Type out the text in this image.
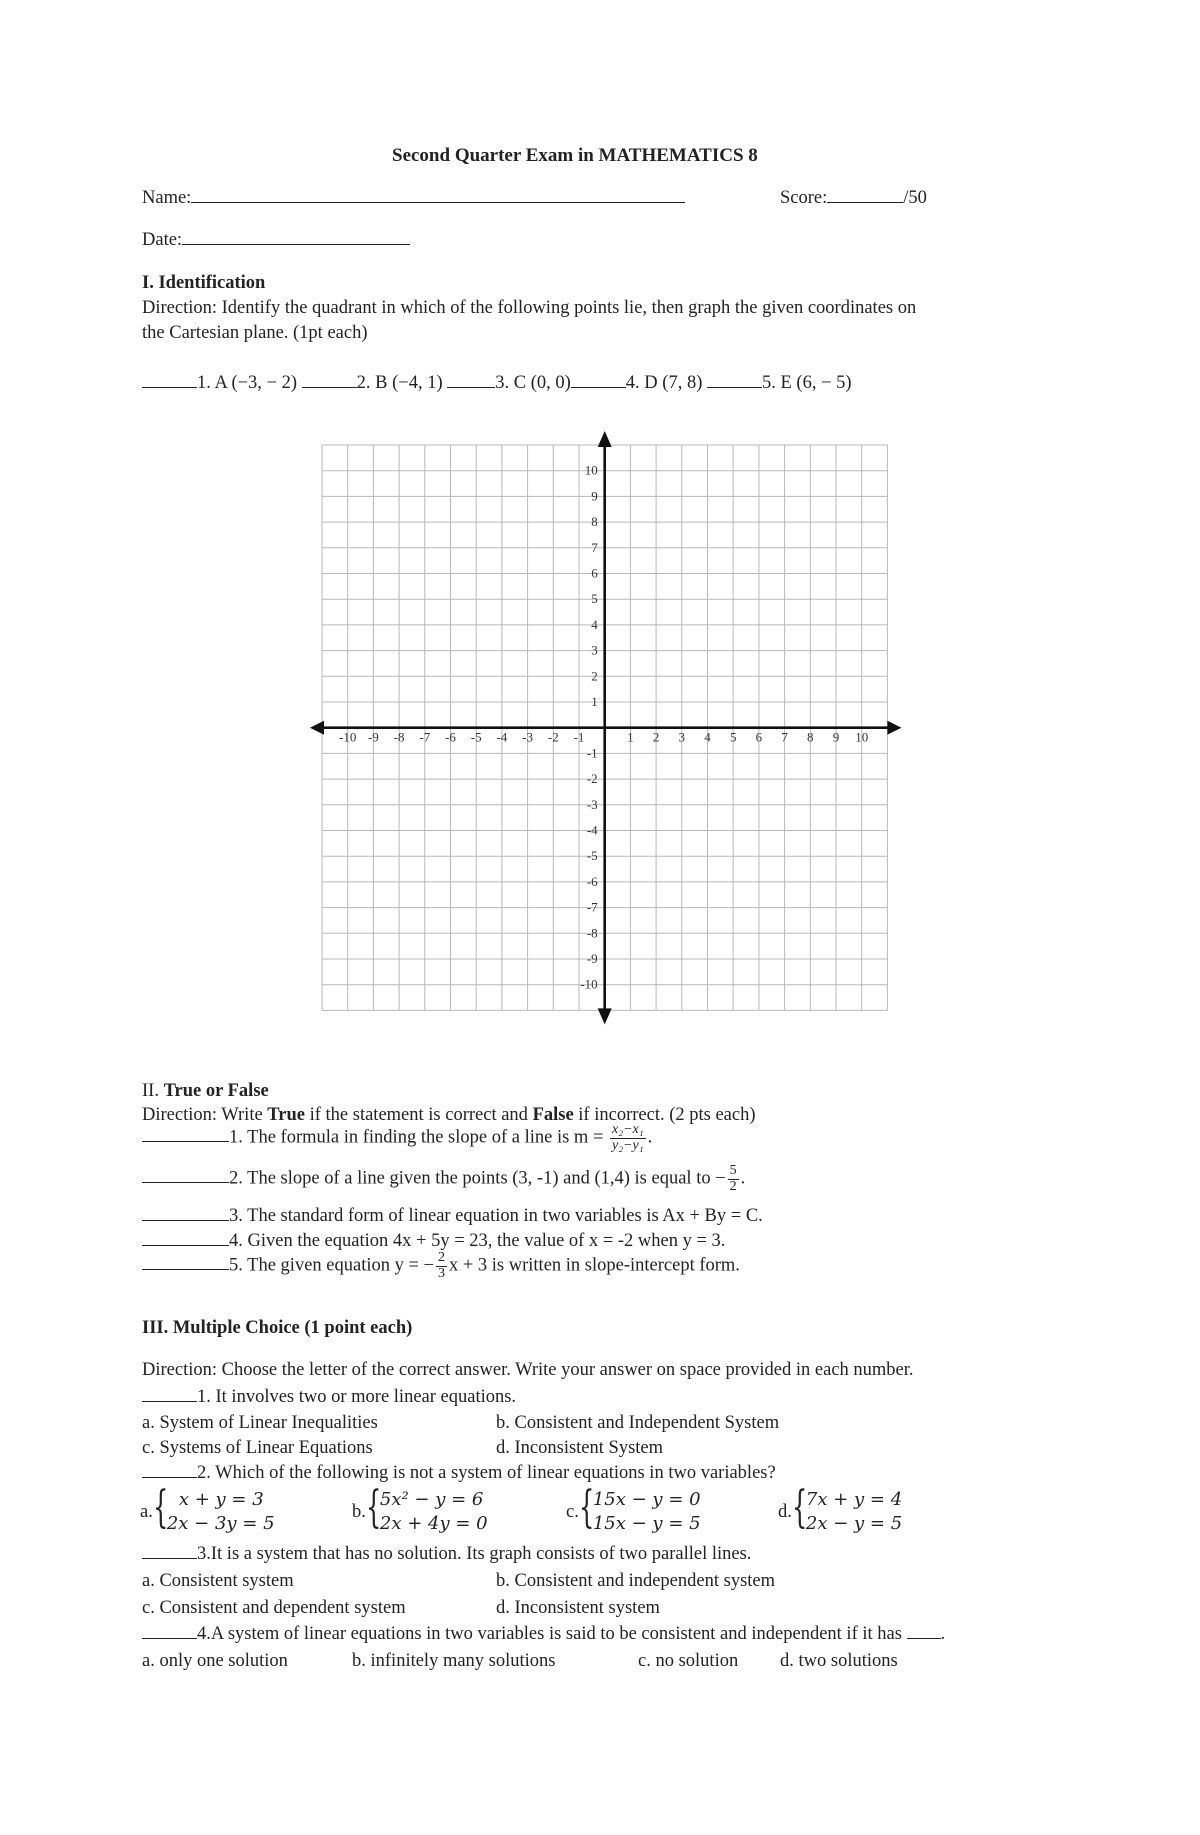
Second Quarter Exam in MATHEMATICS 8
Name:	Score:	/50
Date:
I. Identification
Direction: Identify the quadrant in which of the following points lie, then graph the given coordinates on
the Cartesian plane. (1pt each)
1. A (−3, − 2)	2. B (−4, 1)	3. C (0, 0)	4. D (7, 8)	5. E (6, − 5)
-10 -9 -8 -7 -6 -5 -4 -3 -2 -1	1 2 3 4 5 6 7 8 9 10
10
9
8
7
6
5
4
3
2
1
-1
-2
-3
-4
-5
-6
-7
-8
-9
-10
II. True or False
Direction: Write True if the statement is correct and False if incorrect. (2 pts each)
1. The formula in finding the slope of a line is $m = \frac{\text{x₂−x₁}}{\text{y₂−y₁}}$ .
2. The slope of a line given the points (3, -1) and (1,4) is equal to − $\frac{5}{2}$ .
3. The standard form of linear equation in two variables is Ax + By = C.
4. Given the equation 4x + 5y = 23, the value of x = -2 when y = 3.
5. The given equation y = − $\frac{2}{3}$ x + 3 is written in slope-intercept form.
III. Multiple Choice (1 point each)
Direction: Choose the letter of the correct answer. Write your answer on space provided in each number.
1. It involves two or more linear equations.
a. System of Linear Inequalities	b. Consistent and Independent System
c. Systems of Linear Equations	d. Inconsistent System
2. Which of the following is not a system of linear equations in two variables?
a. { x + y = 3
2x − 3y = 5
b. {
5x² − y = 6
2x + 4y = 0
c. {
15x − y = 0
15x − y = 5
d. {
7x + y = 4
2x − y = 5
3.It is a system that has no solution. Its graph consists of two parallel lines.
a. Consistent system	b. Consistent and independent system
c. Consistent and dependent system	d. Inconsistent system
4.A system of linear equations in two variables is said to be consistent and independent if it has .
a. only one solution	b. infinitely many solutions	c. no solution d. two solutions
